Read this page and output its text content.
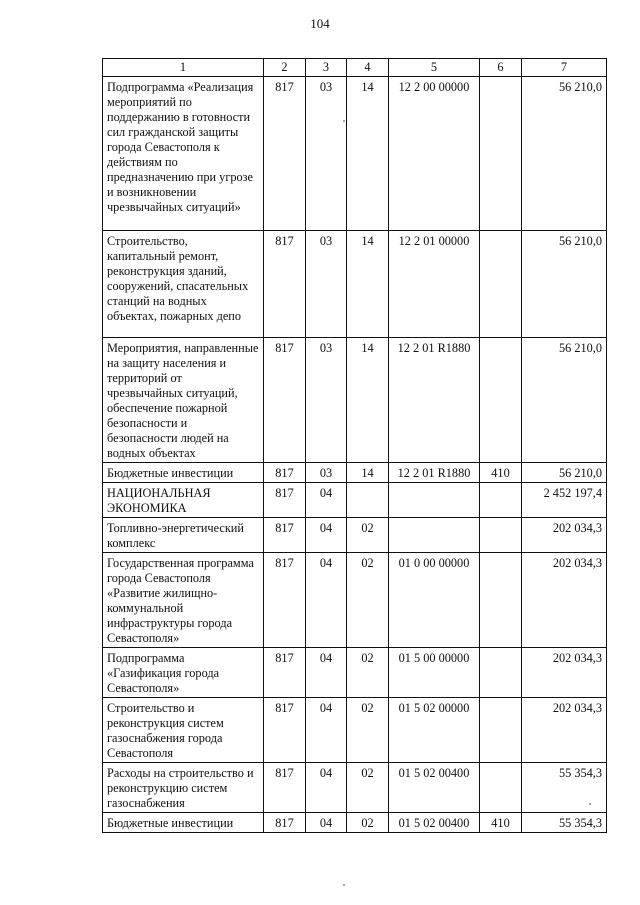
104
1	2	3	4	5	6	7
Подпрограмма «Реализация мероприятий по поддержанию в готовности сил гражданской защиты города Севастополя к действиям по предназначению при угрозе и возникновении чрезвычайных ситуаций»	817	03	14	12 2 00 00000		56 210,0
Строительство, капитальный ремонт, реконструкция зданий, сооружений, спасательных станций на водных объектах, пожарных депо	817	03	14	12 2 01 00000		56 210,0
Мероприятия, направленные на защиту населения и территорий от чрезвычайных ситуаций, обеспечение пожарной безопасности и безопасности людей на водных объектах	817	03	14	12 2 01 R1880		56 210,0
Бюджетные инвестиции	817	03	14	12 2 01 R1880	410	56 210,0
НАЦИОНАЛЬНАЯ ЭКОНОМИКА	817	04				2 452 197,4
Топливно-энергетический комплекс	817	04	02			202 034,3
Государственная программа города Севастополя «Развитие жилищно-коммунальной инфраструктуры города Севастополя»	817	04	02	01 0 00 00000		202 034,3
Подпрограмма «Газификация города Севастополя»	817	04	02	01 5 00 00000		202 034,3
Строительство и реконструкция систем газоснабжения города Севастополя	817	04	02	01 5 02 00000		202 034,3
Расходы на строительство и реконструкцию систем газоснабжения	817	04	02	01 5 02 00400		55 354,3
Бюджетные инвестиции	817	04	02	01 5 02 00400	410	55 354,3
